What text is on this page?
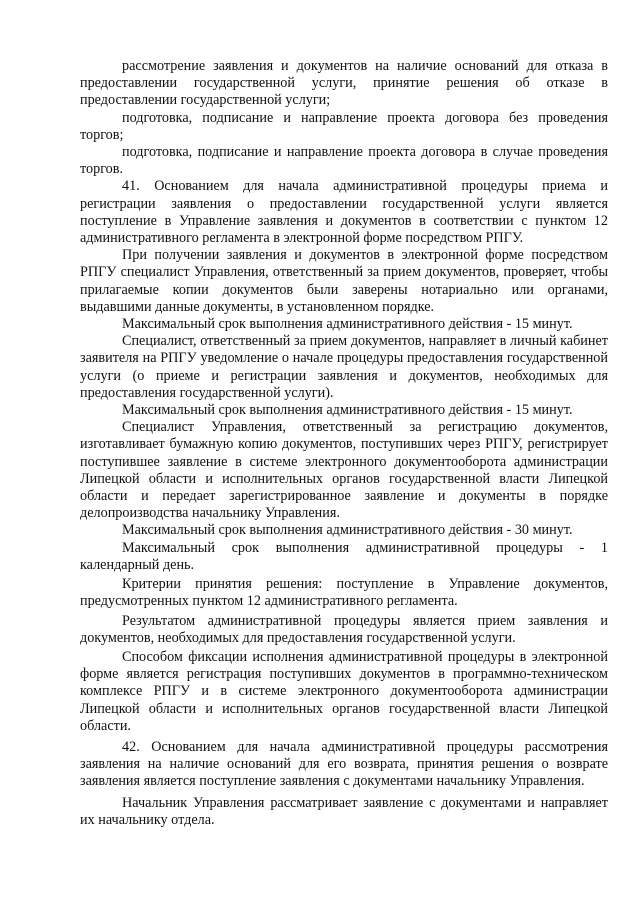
рассмотрение заявления и документов на наличие оснований для отказа в предоставлении государственной услуги, принятие решения об отказе в предоставлении государственной услуги;

подготовка, подписание и направление проекта договора без проведения торгов;

подготовка, подписание и направление проекта договора в случае проведения торгов.

41. Основанием для начала административной процедуры приема и регистрации заявления о предоставлении государственной услуги является поступление в Управление заявления и документов в соответствии с пунктом 12 административного регламента в электронной форме посредством РПГУ.

При получении заявления и документов в электронной форме посредством РПГУ специалист Управления, ответственный за прием документов, проверяет, чтобы прилагаемые копии документов были заверены нотариально или органами, выдавшими данные документы, в установленном порядке.

Максимальный срок выполнения административного действия - 15 минут.

Специалист, ответственный за прием документов, направляет в личный кабинет заявителя на РПГУ уведомление о начале процедуры предоставления государственной услуги (о приеме и регистрации заявления и документов, необходимых для предоставления государственной услуги).

Максимальный срок выполнения административного действия - 15 минут.

Специалист Управления, ответственный за регистрацию документов, изготавливает бумажную копию документов, поступивших через РПГУ, регистрирует поступившее заявление в системе электронного документооборота администрации Липецкой области и исполнительных органов государственной власти Липецкой области и передает зарегистрированное заявление и документы в порядке делопроизводства начальнику Управления.

Максимальный срок выполнения административного действия - 30 минут.

Максимальный срок выполнения административной процедуры - 1 календарный день.

Критерии принятия решения: поступление в Управление документов, предусмотренных пунктом 12 административного регламента.

Результатом административной процедуры является прием заявления и документов, необходимых для предоставления государственной услуги.

Способом фиксации исполнения административной процедуры в электронной форме является регистрация поступивших документов в программно-техническом комплексе РПГУ и в системе электронного документооборота администрации Липецкой области и исполнительных органов государственной власти Липецкой области.

42. Основанием для начала административной процедуры рассмотрения заявления на наличие оснований для его возврата, принятия решения о возврате заявления является поступление заявления с документами начальнику Управления.

Начальник Управления рассматривает заявление с документами и направляет их начальнику отдела.
